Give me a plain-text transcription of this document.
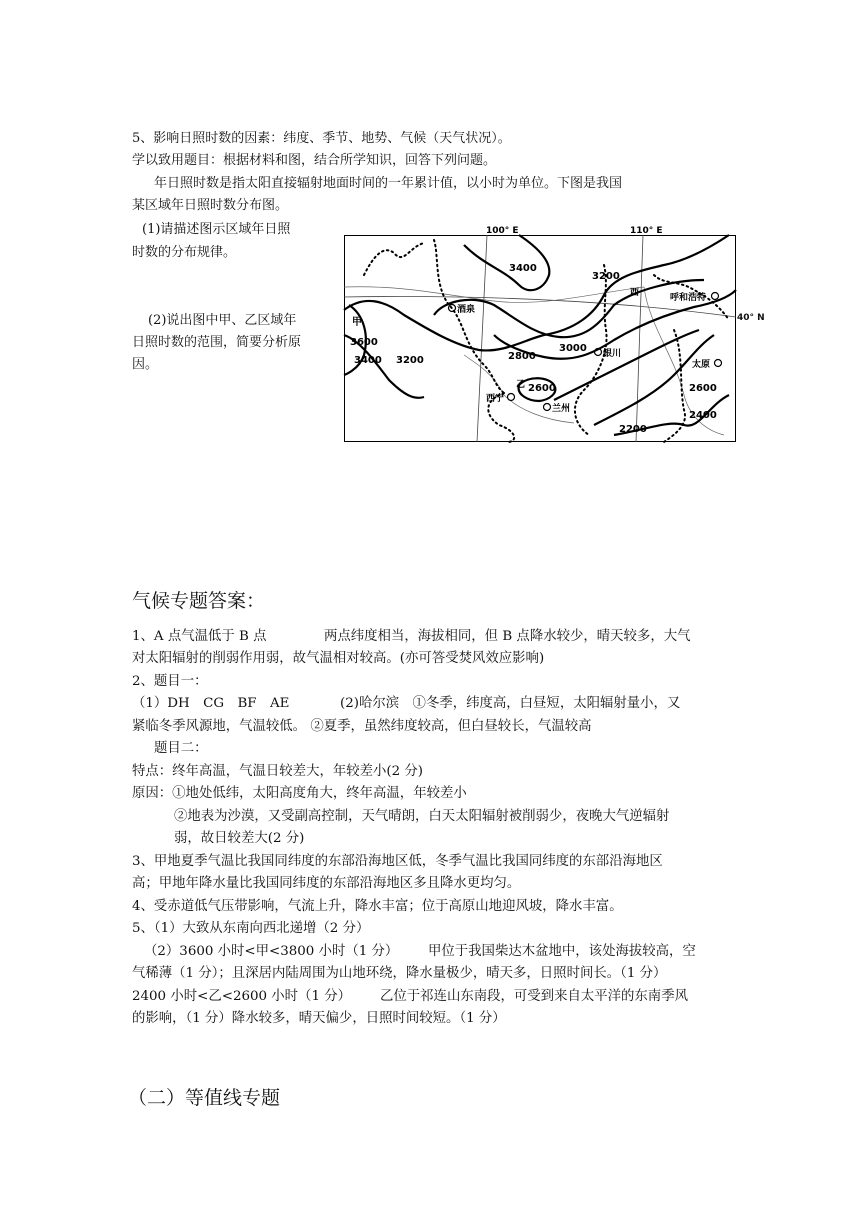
5、影响日照时数的因素：纬度、季节、地势、气候（天气状况）。
学以致用题目：根据材料和图，结合所学知识，回答下列问题。
年日照时数是指太阳直接辐射地面时间的一年累计值，以小时为单位。下图是我国
某区域年日照时数分布图。
(1)请描述图示区域年日照
时数的分布规律。
(2)说出图中甲、乙区域年
日照时数的范围，简要分析原
因。
100° E	110° E
酒泉
银川
西宁
兰州
呼和浩特
太原
西
甲
乙
3400
3200
3600
3400 3200	2800
3000
2600	2600
2400
2200
40° N
气候专题答案：
1、A 点气温低于 B 点	两点纬度相当，海拔相同，但 B 点降水较少，晴天较多，大气
对太阳辐射的削弱作用弱，故气温相对较高。(亦可答受焚风效应影响)
2、题目一：
（1）DH　CG　BF　AE	(2)哈尔滨　①冬季，纬度高，白昼短，太阳辐射量小，又
紧临冬季风源地，气温较低。 ②夏季，虽然纬度较高，但白昼较长，气温较高
题目二：
特点：终年高温，气温日较差大，年较差小(2 分)
原因：①地处低纬，太阳高度角大，终年高温，年较差小
②地表为沙漠，又受副高控制，天气晴朗，白天太阳辐射被削弱少，夜晚大气逆辐射
弱，故日较差大(2 分)
3、甲地夏季气温比我国同纬度的东部沿海地区低，冬季气温比我国同纬度的东部沿海地区
高；甲地年降水量比我国同纬度的东部沿海地区多且降水更均匀。
4、受赤道低气压带影响，气流上升，降水丰富；位于高原山地迎风坡，降水丰富。
5、（1）大致从东南向西北递增（2 分）
（2）3600 小时<甲<3800 小时（1 分） 甲位于我国柴达木盆地中，该处海拔较高，空
气稀薄（1 分）；且深居内陆周围为山地环绕，降水量极少，晴天多，日照时间长。（1 分）
2400 小时<乙<2600 小时（1 分） 乙位于祁连山东南段，可受到来自太平洋的东南季风
的影响，（1 分）降水较多，晴天偏少，日照时间较短。（1 分）
（二）等值线专题
